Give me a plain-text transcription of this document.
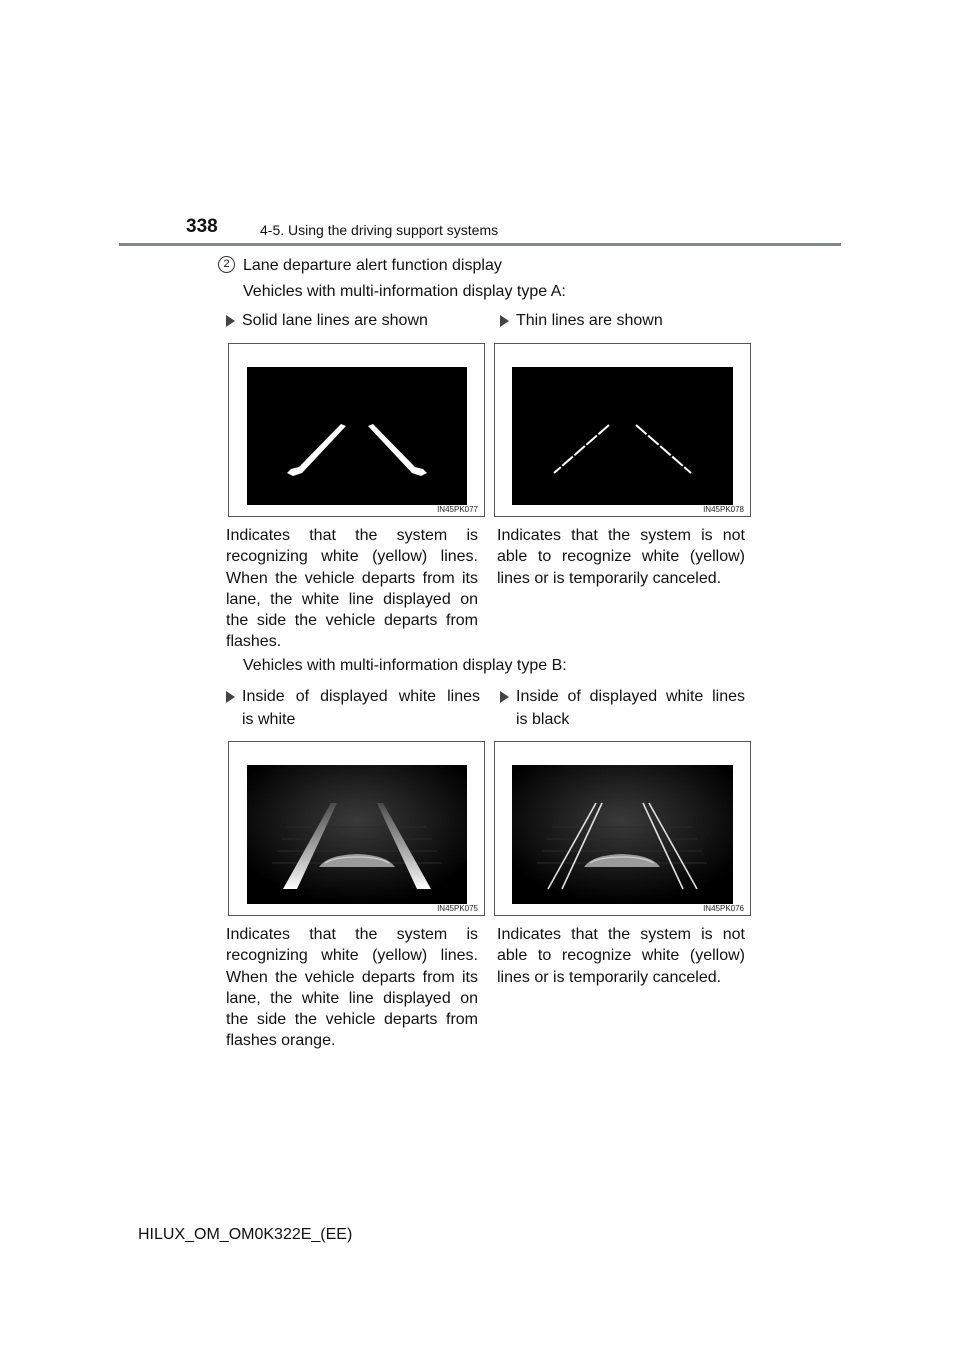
338	4-5. Using the driving support systems
2 Lane departure alert function display
Vehicles with multi-information display type A:
Solid lane lines are shown	Thin lines are shown
IN45PK077	IN45PK078
Indicates that the system is recognizing white (yellow) lines. When the vehicle departs from its lane, the white line displayed on the side the vehicle departs from flashes.
Indicates that the system is not able to recognize white (yellow) lines or is temporarily canceled.
Vehicles with multi-information display type B:
Inside of displayed white lines
is white
Inside of displayed white lines
is black
IN45PK075	IN45PK076
Indicates that the system is recognizing white (yellow) lines. When the vehicle departs from its lane, the white line displayed on the side the vehicle departs from flashes orange.
Indicates that the system is not able to recognize white (yellow) lines or is temporarily canceled.
HILUX_OM_OM0K322E_(EE)
